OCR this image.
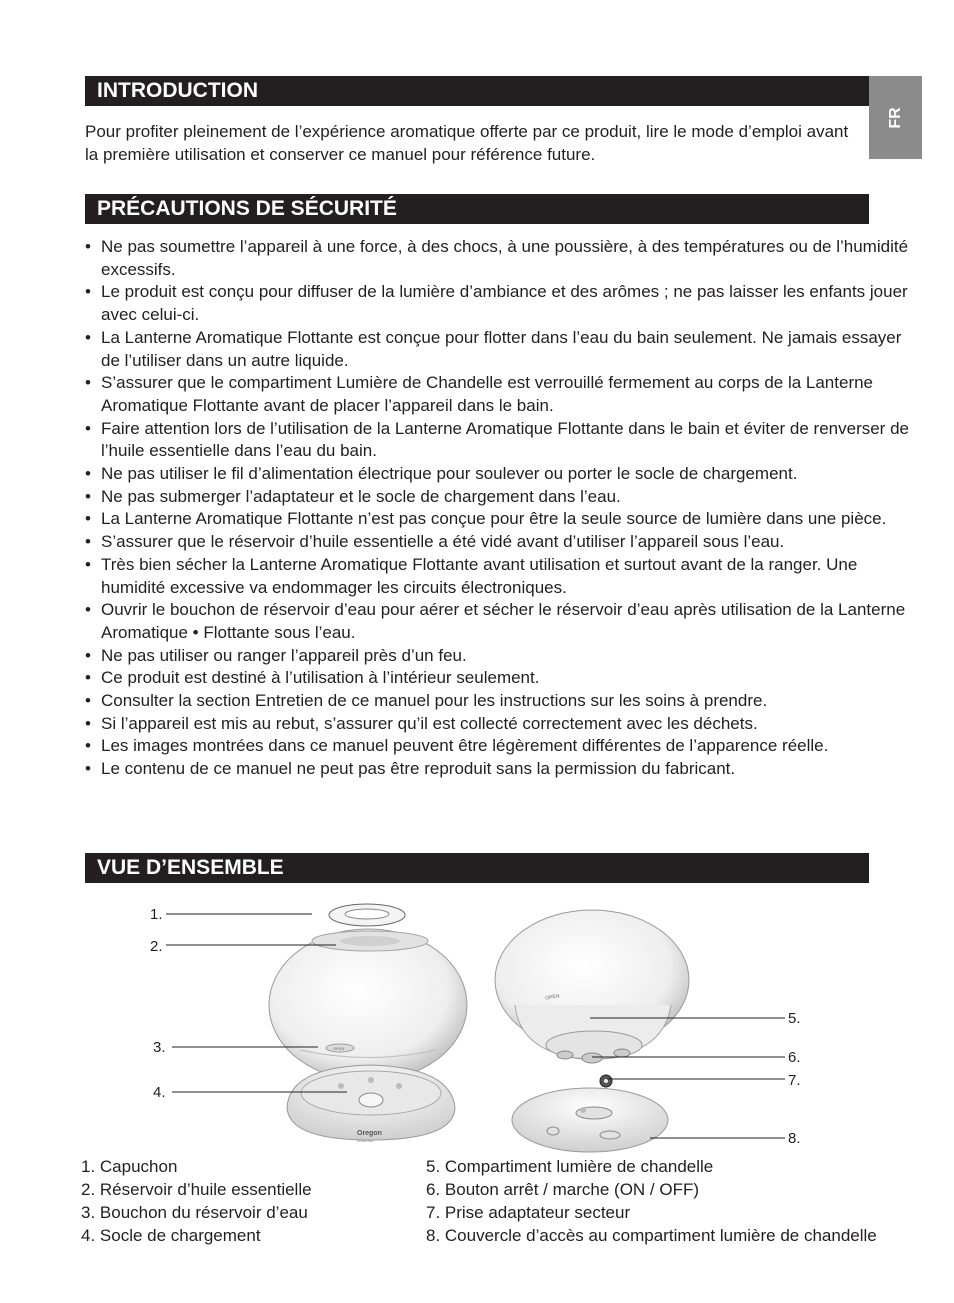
FR
INTRODUCTION

Pour profiter pleinement de l’expérience aromatique offerte par ce produit, lire le mode d’emploi avant la première utilisation et conserver ce manuel pour référence future.

PRÉCAUTIONS DE SÉCURITÉ
• Ne pas soumettre l’appareil à une force, à des chocs, à une poussière, à des températures ou de l’humidité excessifs.
• Le produit est conçu pour diffuser de la lumière d’ambiance et des arômes ; ne pas laisser les enfants jouer avec celui-ci.
• La Lanterne Aromatique Flottante est conçue pour flotter dans l’eau du bain seulement. Ne jamais essayer de l’utiliser dans un autre liquide.
• S’assurer que le compartiment Lumière de Chandelle est verrouillé fermement au corps de la Lanterne Aromatique Flottante avant de placer l’appareil dans le bain.
• Faire attention lors de l’utilisation de la Lanterne Aromatique Flottante dans le bain et éviter de renverser de l’huile essentielle dans l’eau du bain.
• Ne pas utiliser le fil d’alimentation électrique pour soulever ou porter le socle de chargement.
• Ne pas submerger l’adaptateur et le socle de chargement dans l’eau.
• La Lanterne Aromatique Flottante n’est pas conçue pour être la seule source de lumière dans une pièce.
• S’assurer que le réservoir d’huile essentielle a été vidé avant d’utiliser l’appareil sous l’eau.
• Très bien sécher la Lanterne Aromatique Flottante avant utilisation et surtout avant de la ranger. Une humidité excessive va endommager les circuits électroniques.
• Ouvrir le bouchon de réservoir d’eau pour aérer et sécher le réservoir d’eau après utilisation de la Lanterne Aromatique • Flottante sous l’eau.
• Ne pas utiliser ou ranger l’appareil près d’un feu.
• Ce produit est destiné à l’utilisation à l’intérieur seulement.
• Consulter la section Entretien de ce manuel pour les instructions sur les soins à prendre.
• Si l’appareil est mis au rebut, s’assurer qu’il est collecté correctement avec les déchets.
• Les images montrées dans ce manuel peuvent être légèrement différentes de l’apparence réelle.
• Le contenu de ce manuel ne peut pas être reproduit sans la permission du fabricant.
VUE D’ENSEMBLE
OPEN
Oregon
SCIENTIFIC
OPEN
1.
2.
3.
4.
5.
6.
7.
8.
1. Capuchon
2. Réservoir d’huile essentielle
3. Bouchon du réservoir d’eau
4. Socle de chargement
5. Compartiment lumière de chandelle
6. Bouton arrêt / marche (ON / OFF)
7. Prise adaptateur secteur
8. Couvercle d’accès au compartiment lumière de chandelle
